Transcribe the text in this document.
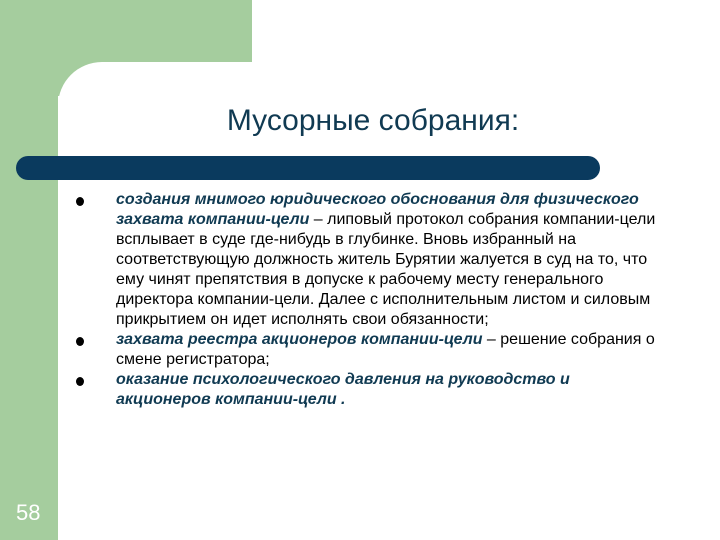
Мусорные собрания:
создания мнимого юридического обоснования для физического захвата компании-цели – липовый протокол собрания компании-цели всплывает в суде где-нибудь в глубинке. Вновь избранный на соответствующую должность житель Бурятии жалуется в суд на то, что ему чинят препятствия в допуске к рабочему месту генерального директора компании-цели. Далее с исполнительным листом и силовым прикрытием он идет исполнять свои обязанности;
захвата реестра акционеров компании-цели – решение собрания о смене регистратора;
оказание психологического давления на руководство и акционеров компании-цели .
58
